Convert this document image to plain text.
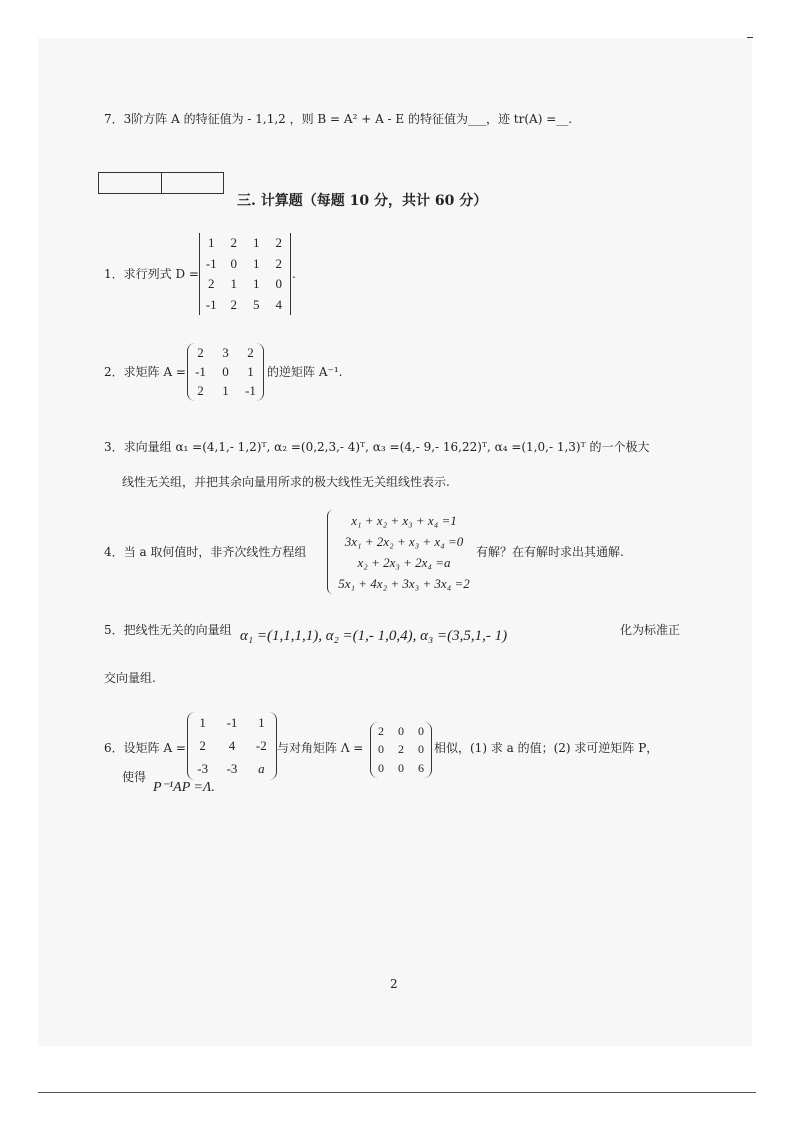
7．3阶方阵 A 的特征值为 - 1,1,2 ，则 B = A² + A - E 的特征值为___，迹 tr(A) =__.
三. 计算题（每题 10 分，共计 60 分）
1．求行列式 D =
1	2	1	2
-1	0	1	2
2	1	1	0
-1	2	5	4
.
2．求矩阵 A =
2	3	2
-1	0	1
2	1	-1
的逆矩阵 A⁻¹.
3．求向量组 α₁ =(4,1,- 1,2)ᵀ, α₂ =(0,2,3,- 4)ᵀ, α₃ =(4,- 9,- 16,22)ᵀ, α₄ =(1,0,- 1,3)ᵀ 的一个极大
线性无关组，并把其余向量用所求的极大线性无关组线性表示.
4．当 a 取何值时，非齐次线性方程组
x₁ + x₂ + x₃ + x₄ =1
3x₁ + 2x₂ + x₃ + x₄ =0
x₂ + 2x₃ + 2x₄ =a
5x₁ + 4x₂ + 3x₃ + 3x₄ =2
有解？在有解时求出其通解.
5．把线性无关的向量组 α₁ =(1,1,1,1), α₂ =(1,- 1,0,4), α₃ =(3,5,1,- 1)	化为标准正
交向量组.
6．设矩阵 A =
1	-1	1
2	4	-2
-3	-3	a
与对角矩阵 Λ =
2	0	0
0	2	0
0	0	6
相似，(1) 求 a 的值；(2) 求可逆矩阵 P，
使得
P⁻¹AP =Λ.
2
